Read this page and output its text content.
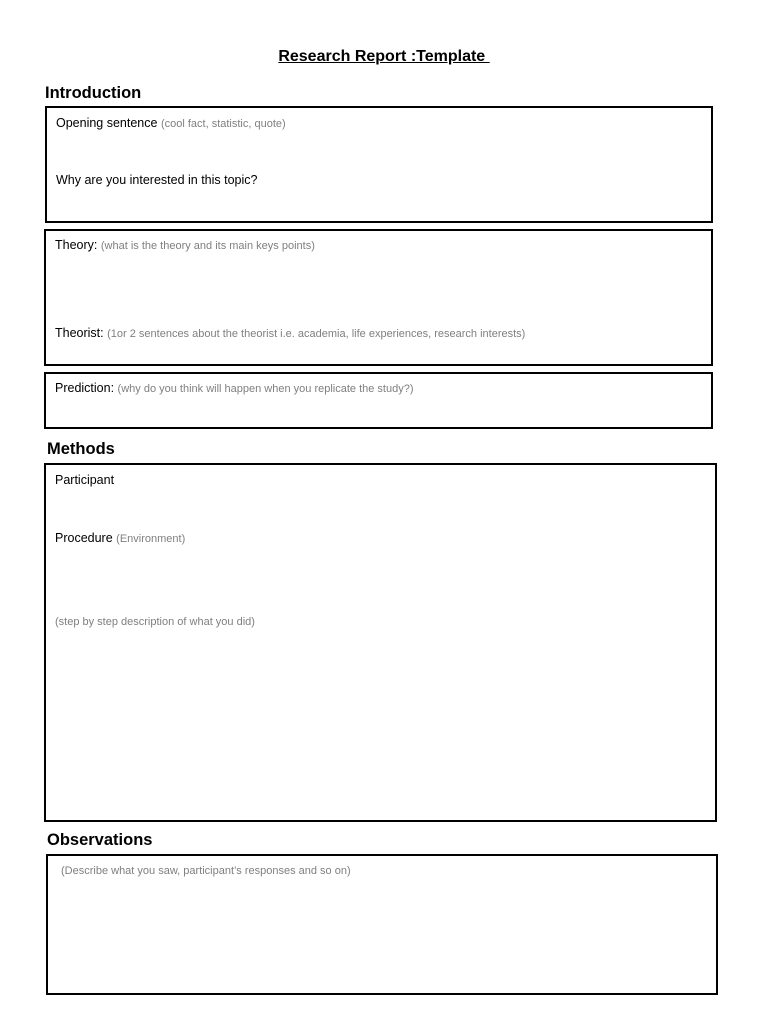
Research Report :Template
Introduction
Opening sentence (cool fact, statistic, quote)
Why are you interested in this topic?
Theory: (what is the theory and its main keys points)
Theorist: (1or 2 sentences about the theorist i.e. academia, life experiences, research interests)
Prediction: (why do you think will happen when you replicate the study?)
Methods
Participant
Procedure (Environment)
(step by step description of what you did)
Observations
(Describe what you saw, participant’s responses and so on)
